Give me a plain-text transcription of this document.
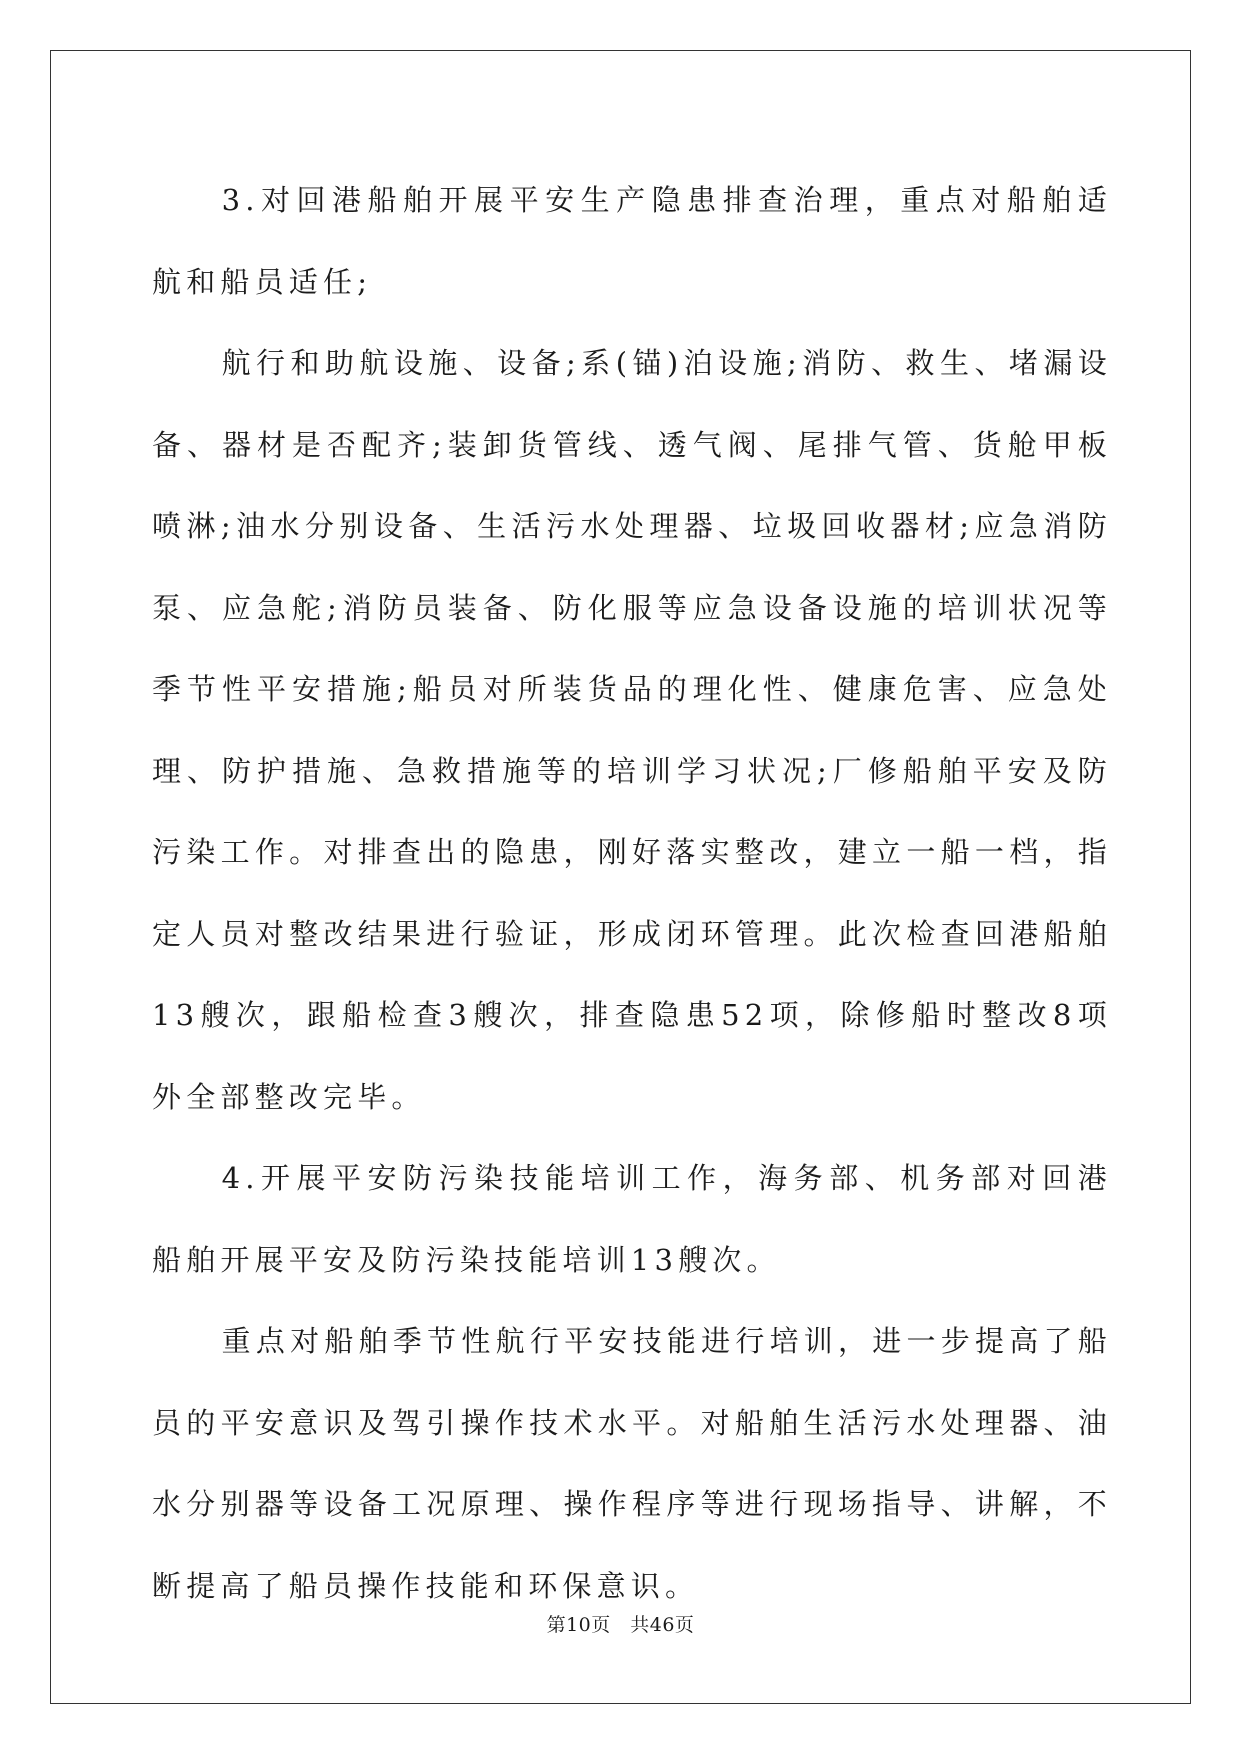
3.对回港船舶开展平安生产隐患排查治理，重点对船舶适航和船员适任;

航行和助航设施、设备;系(锚)泊设施;消防、救生、堵漏设备、器材是否配齐;装卸货管线、透气阀、尾排气管、货舱甲板喷淋;油水分别设备、生活污水处理器、垃圾回收器材;应急消防泵、应急舵;消防员装备、防化服等应急设备设施的培训状况等季节性平安措施;船员对所装货品的理化性、健康危害、应急处理、防护措施、急救措施等的培训学习状况;厂修船舶平安及防污染工作。对排查出的隐患，刚好落实整改，建立一船一档，指定人员对整改结果进行验证，形成闭环管理。此次检查回港船舶13艘次，跟船检查3艘次，排查隐患52项，除修船时整改8项外全部整改完毕。

4.开展平安防污染技能培训工作，海务部、机务部对回港船舶开展平安及防污染技能培训13艘次。

重点对船舶季节性航行平安技能进行培训，进一步提高了船员的平安意识及驾引操作技术水平。对船舶生活污水处理器、油水分别器等设备工况原理、操作程序等进行现场指导、讲解，不断提高了船员操作技能和环保意识。

第10页　共46页
